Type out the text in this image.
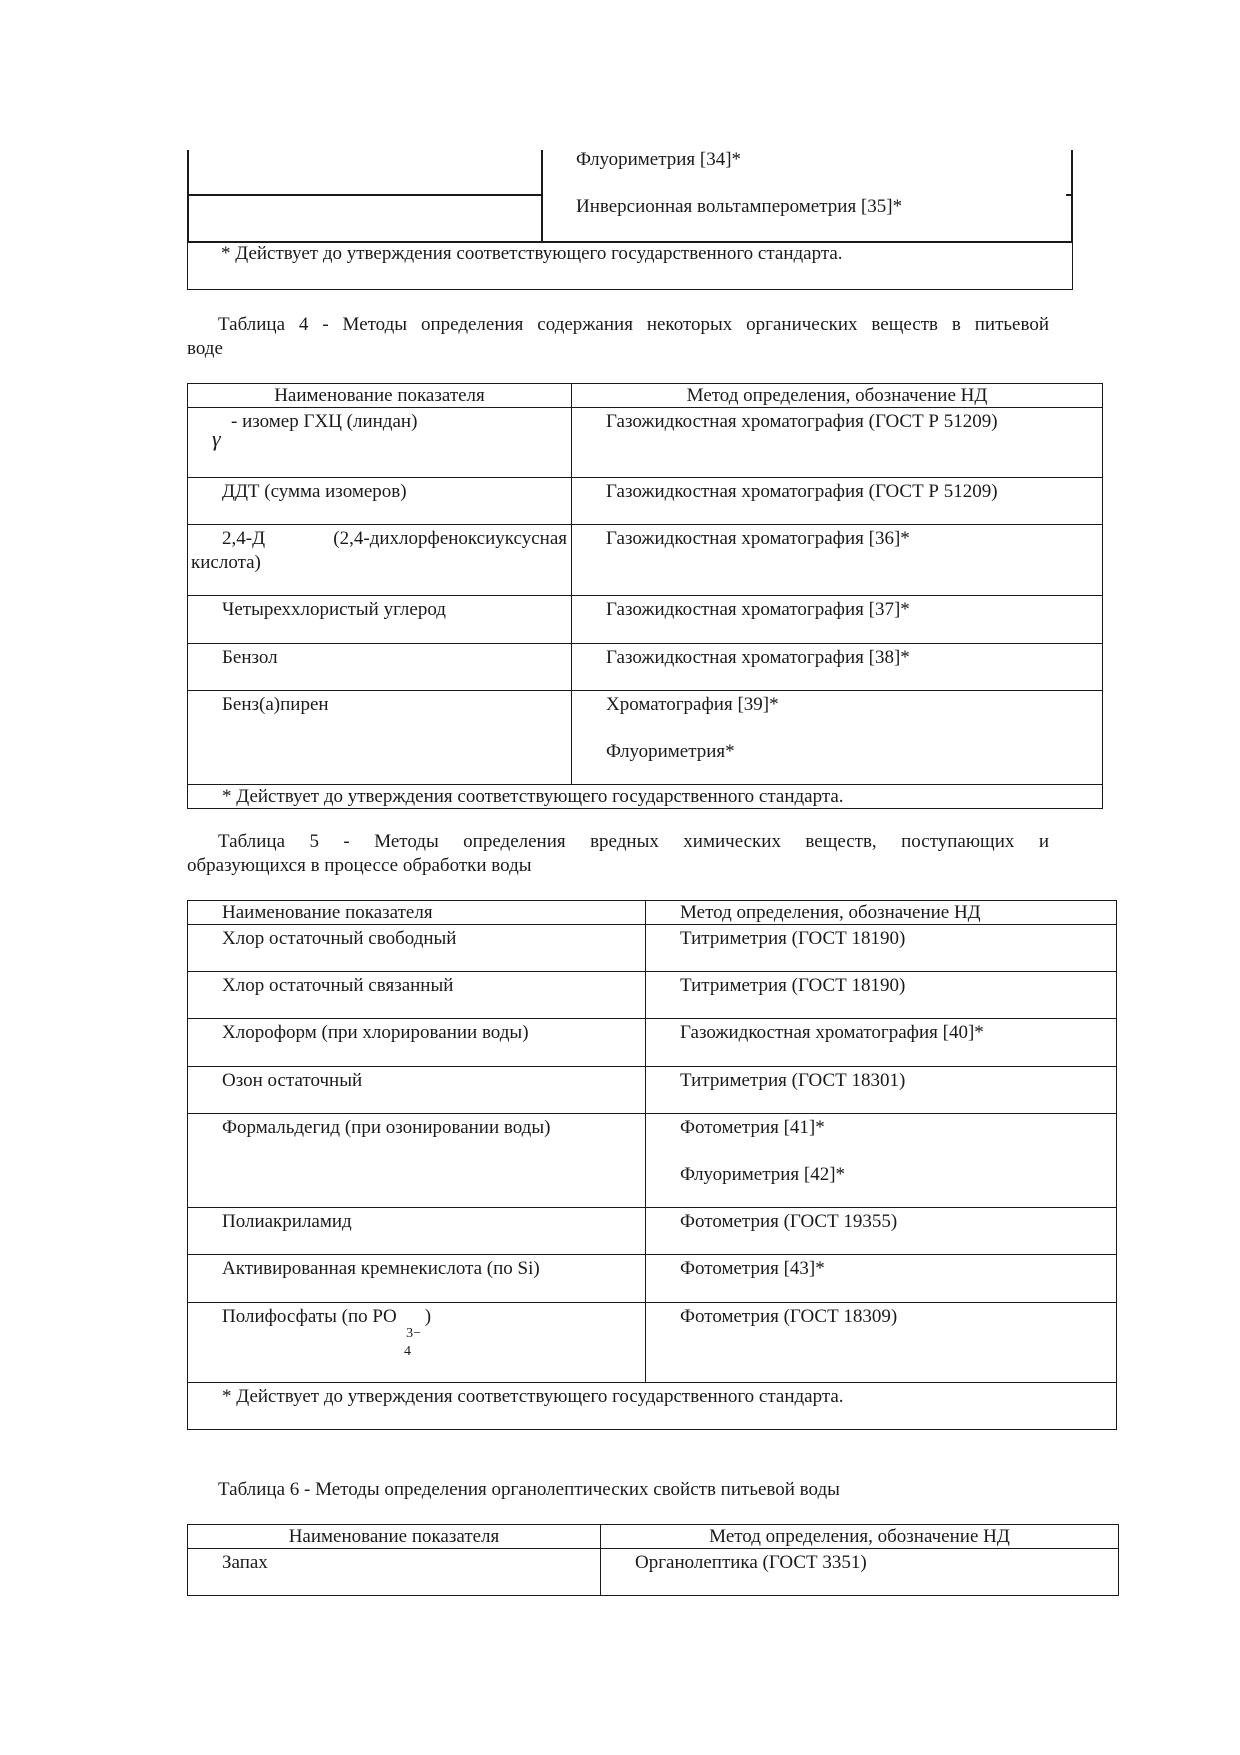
Флуориметрия [34]*
Инверсионная вольтамперометрия [35]*
* Действует до утверждения соответствующего государственного стандарта.
Таблица 4 - Методы определения содержания некоторых органических веществ в питьевой
воде
Наименование показателя	Метод определения, обозначение НД

γ
- изомер ГХЦ (линдан)	Газожидкостная хроматография (ГОСТ Р 51209)
ДДТ (сумма изомеров)	Газожидкостная хроматография (ГОСТ Р 51209)

2,4-Д (2,4-дихлорфеноксиуксусная
кислота)	Газожидкостная хроматография [36]*
Четыреххлористый углерод	Газожидкостная хроматография [37]*
Бензол	Газожидкостная хроматография [38]*
Бенз(а)пирен	Хроматография [39]*
Флуориметрия*

* Действует до утверждения соответствующего государственного стандарта.	
Таблица 5 - Методы определения вредных химических веществ, поступающих и
образующихся в процессе обработки воды
Наименование показателя	Метод определения, обозначение НД
Хлор остаточный свободный	Титриметрия (ГОСТ 18190)
Хлор остаточный связанный	Титриметрия (ГОСТ 18190)
Хлороформ (при хлорировании воды)	Газожидкостная хроматография [40]*
Озон остаточный	Титриметрия (ГОСТ 18301)
Формальдегид (при озонировании воды)	Фотометрия [41]*
Флуориметрия [42]*

Полиакриламид	Фотометрия (ГОСТ 19355)
Активированная кремнекислота (по Si)	Фотометрия [43]*
Полифосфаты (по PO )
3−
4	Фотометрия (ГОСТ 18309)
* Действует до утверждения соответствующего государственного стандарта.	
Таблица 6 - Методы определения органолептических свойств питьевой воды
Наименование показателя	Метод определения, обозначение НД
Запах	Органолептика (ГОСТ 3351)
